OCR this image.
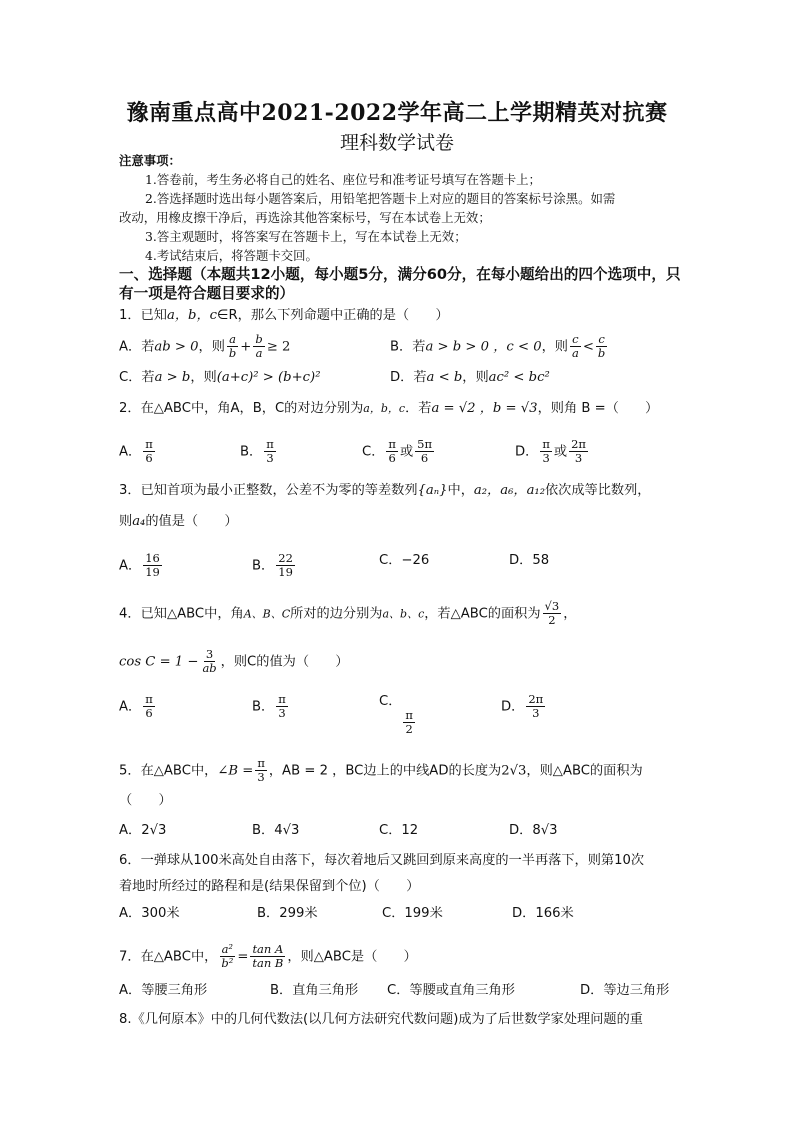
豫南重点高中2021-2022学年高二上学期精英对抗赛
理科数学试卷
注意事项：
1.答卷前，考生务必将自己的姓名、座位号和准考证号填写在答题卡上；
2.答选择题时选出每小题答案后，用铅笔把答题卡上对应的题目的答案标号涂黑。如需
改动，用橡皮擦干净后，再选涂其他答案标号，写在本试卷上无效；
3.答主观题时，将答案写在答题卡上，写在本试卷上无效；
4.考试结束后，将答题卡交回。
一、选择题（本题共12小题，每小题5分，满分60分，在每小题给出的四个选项中，只
有一项是符合题目要求的）
1．已知a，b，c∈R，那么下列命题中正确的是（　　）
A．若ab > 0，则 $\frac{a}{b} + \frac{b}{a} \ge 2$	B．若a > b > 0 ，c < 0，则 $\frac{c}{a} < \frac{c}{b}$
C．若a > b，则(a+c)² > (b+c)²	D．若a < b，则ac² < bc²
2．在△ABC中，角A，B，C的对边分别为a，b，c．若a = √2 ，b = √3，则角 B =（　　）
A． $\frac{\pi}{6}$	B． $\frac{\pi}{3}$	C． $\frac{\pi}{6}$ 或 $\frac{5\pi}{6}$	D． $\frac{\pi}{3}$ 或 $\frac{2\pi}{3}$
3．已知首项为最小正整数，公差不为零的等差数列{aₙ}中，a₂，a₆，a₁₂依次成等比数列，
则a₄的值是（　　）
A． $\frac{16}{19}$	B． $\frac{22}{19}$	C．−26	D．58
4．已知△ABC中，角A、B、C所对的边分别为a、b、c，若△ABC的面积为 $\frac{√3}{2}$ ，
$\cos C = 1 - \frac{3}{ab}$ ，则C的值为（　　）
A． $\frac{\pi}{6}$	B． $\frac{\pi}{3}$	C．
$\frac{\pi}{2}$
D． $\frac{2\pi}{3}$
5．在△ABC中，∠B = $\frac{\pi}{3}$ ，AB = 2 ，BC边上的中线AD的长度为2√3，则△ABC的面积为
（　　）
A．2√3	B．4√3	C．12	D．8√3
6．一弹球从100米高处自由落下，每次着地后又跳回到原来高度的一半再落下，则第10次
着地时所经过的路程和是(结果保留到个位)（　　）
A．300米	B．299米	C．199米	D．166米
7．在△ABC中， $\frac{\text{a²}}{\text{b²}} = \frac{\text{tan A}}{\text{tan B}}$ ，则△ABC是（　　）
A．等腰三角形	B．直角三角形 C．等腰或直角三角形	D．等边三角形
8.《几何原本》中的几何代数法(以几何方法研究代数问题)成为了后世数学家处理问题的重
